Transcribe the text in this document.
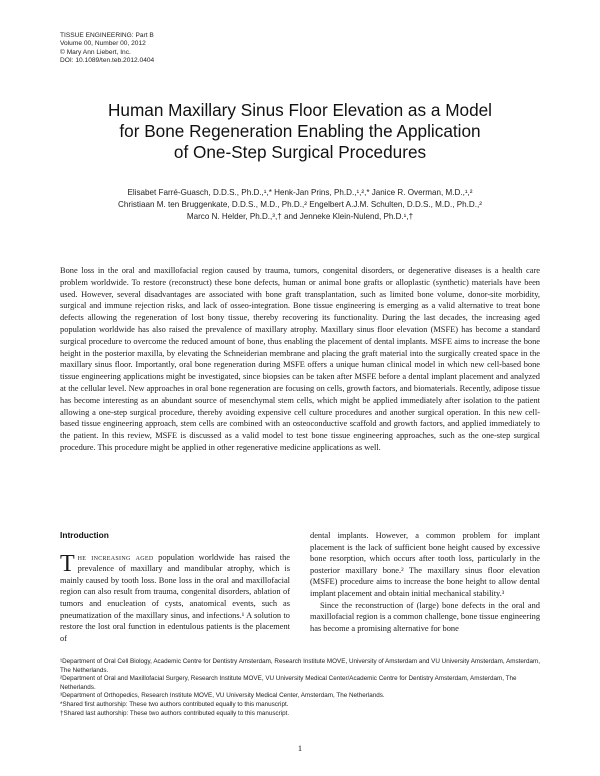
TISSUE ENGINEERING: Part B
Volume 00, Number 00, 2012
© Mary Ann Liebert, Inc.
DOI: 10.1089/ten.teb.2012.0404
Human Maxillary Sinus Floor Elevation as a Model
for Bone Regeneration Enabling the Application
of One-Step Surgical Procedures
Elisabet Farré-Guasch, D.D.S., Ph.D.,¹,* Henk-Jan Prins, Ph.D.,¹,²,* Janice R. Overman, M.D.,¹,²
Christiaan M. ten Bruggenkate, D.D.S., M.D., Ph.D.,² Engelbert A.J.M. Schulten, D.D.S., M.D., Ph.D.,²
Marco N. Helder, Ph.D.,³,† and Jenneke Klein-Nulend, Ph.D.¹,†
Bone loss in the oral and maxillofacial region caused by trauma, tumors, congenital disorders, or degenerative diseases is a health care problem worldwide. To restore (reconstruct) these bone defects, human or animal bone grafts or alloplastic (synthetic) materials have been used. However, several disadvantages are associated with bone graft transplantation, such as limited bone volume, donor-site morbidity, surgical and immune rejection risks, and lack of osseo-integration. Bone tissue engineering is emerging as a valid alternative to treat bone defects allowing the regeneration of lost bony tissue, thereby recovering its functionality. During the last decades, the increasing aged population worldwide has also raised the prevalence of maxillary atrophy. Maxillary sinus floor elevation (MSFE) has become a standard surgical procedure to overcome the reduced amount of bone, thus enabling the placement of dental implants. MSFE aims to increase the bone height in the posterior maxilla, by elevating the Schneiderian membrane and placing the graft material into the surgically created space in the maxillary sinus floor. Importantly, oral bone regeneration during MSFE offers a unique human clinical model in which new cell-based bone tissue engineering applications might be investigated, since biopsies can be taken after MSFE before a dental implant placement and analyzed at the cellular level. New approaches in oral bone regeneration are focusing on cells, growth factors, and biomaterials. Recently, adipose tissue has become interesting as an abundant source of mesenchymal stem cells, which might be applied immediately after isolation to the patient allowing a one-step surgical procedure, thereby avoiding expensive cell culture procedures and another surgical operation. In this new cell-based tissue engineering approach, stem cells are combined with an osteoconductive scaffold and growth factors, and applied immediately to the patient. In this review, MSFE is discussed as a valid model to test bone tissue engineering approaches, such as the one-step surgical procedure. This procedure might be applied in other regenerative medicine applications as well.
Introduction

The increasing aged population worldwide has raised the prevalence of maxillary and mandibular atrophy, which is mainly caused by tooth loss. Bone loss in the oral and maxillofacial region can also result from trauma, congenital disorders, ablation of tumors and enucleation of cysts, anatomical events, such as pneumatization of the maxillary sinus, and infections.¹ A solution to restore the lost oral function in edentulous patients is the placement of

dental implants. However, a common problem for implant placement is the lack of sufficient bone height caused by excessive bone resorption, which occurs after tooth loss, particularly in the posterior maxillary bone.² The maxillary sinus floor elevation (MSFE) procedure aims to increase the bone height to allow dental implant placement and obtain initial mechanical stability.³

Since the reconstruction of (large) bone defects in the oral and maxillofacial region is a common challenge, bone tissue engineering has become a promising alternative for bone

¹Department of Oral Cell Biology, Academic Centre for Dentistry Amsterdam, Research Institute MOVE, University of Amsterdam and VU University Amsterdam, Amsterdam, The Netherlands.

²Department of Oral and Maxillofacial Surgery, Research Institute MOVE, VU University Medical Center/Academic Centre for Dentistry Amsterdam, Amsterdam, The Netherlands.

³Department of Orthopedics, Research Institute MOVE, VU University Medical Center, Amsterdam, The Netherlands.

*Shared first authorship: These two authors contributed equally to this manuscript.

†Shared last authorship: These two authors contributed equally to this manuscript.

1
